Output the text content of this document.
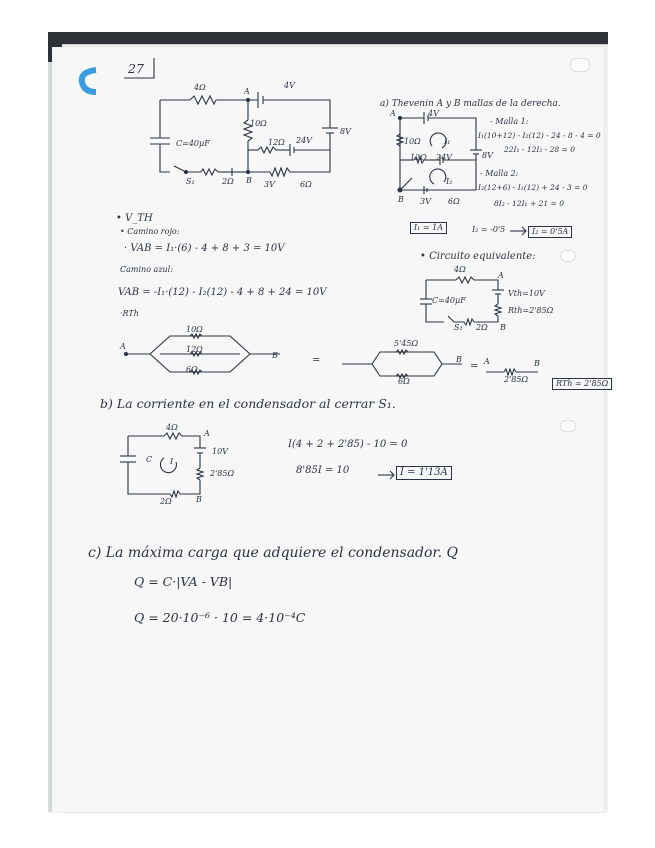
27
4Ω	4V
A
10Ω
12Ω 24V
8V
C=40μF
S₁	2Ω B 3V	6Ω
a) Thevenin A y B mallas de la derecha.
A	4V
10Ω	I₁
12Ω 24V	8V
I₂
B 3V 6Ω
- Malla 1:
I₁(10+12) - I₂(12) - 24 - 8 - 4 = 0
22I₁ - 12I₂ - 28 = 0
- Malla 2:
I₂(12+6) - I₁(12) + 24 - 3 = 0
8I₂ - 12I₁ + 21 = 0
I₁ = 1A	I₂ = -0'5	I₂ = 0'5A
• V_TH
• Camino rojo:
· VAB = I₁·(6) - 4 + 8 + 3 = 10V
Camino azul:
VAB = -I₁·(12) - I₂(12) - 4 + 8 + 24 = 10V
• Circuito equivalente:
4Ω
A
C=40μF
Vth=10V
Rth=2'85Ω
S₁ 2Ω B
·RTh
A
10Ω
12Ω
6Ω
B	=
5'45Ω
6Ω
B
= A
2'85Ω
B
RTh = 2'85Ω
b) La corriente en el condensador al cerrar S₁.
4Ω
A
C I
10V
2'85Ω
2Ω	B
I(4 + 2 + 2'85) - 10 = 0
8'85I = 10	I = 1'13A
c) La máxima carga que adquiere el condensador. Q
Q = C·|VA - VB|
Q = 20·10⁻⁶ · 10 = 4·10⁻⁴C
